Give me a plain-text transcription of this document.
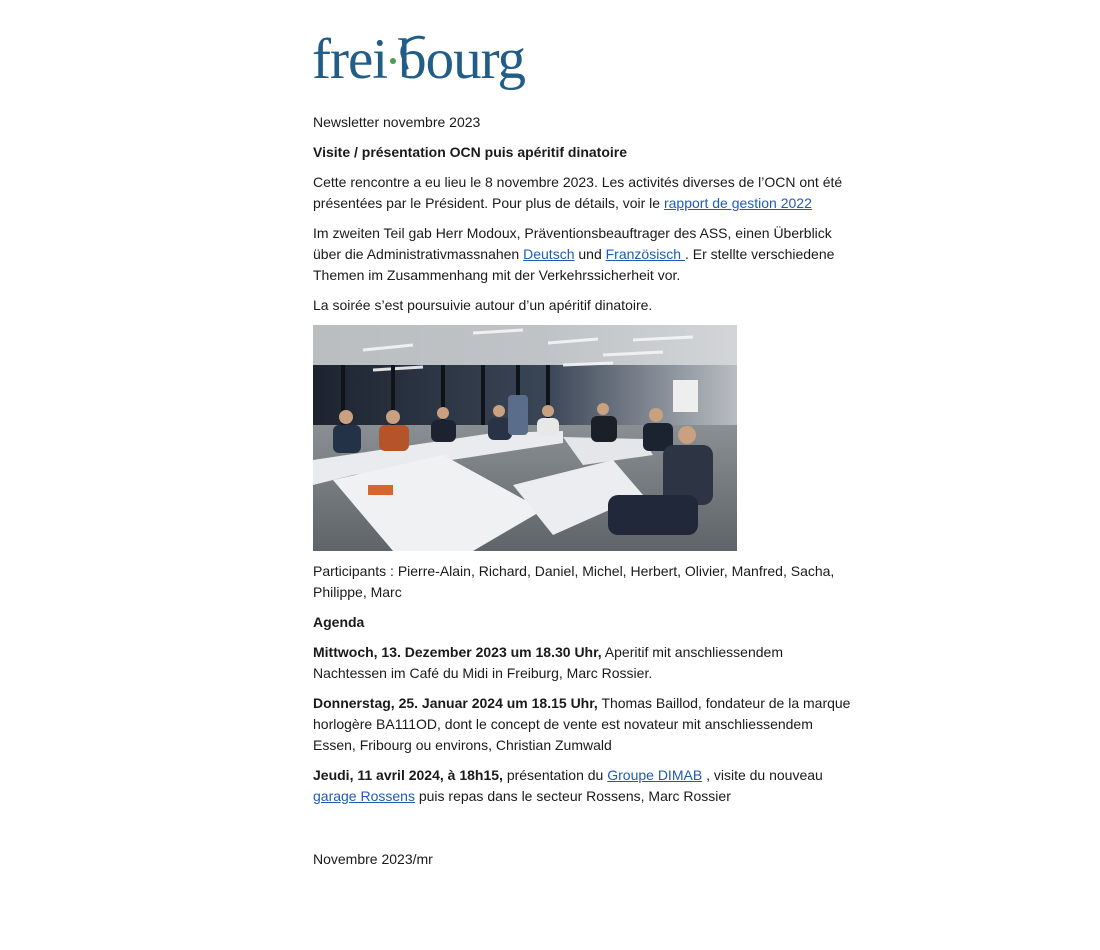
frei bourg

Newsletter novembre 2023

Visite / présentation OCN puis apéritif dinatoire

Cette rencontre a eu lieu le 8 novembre 2023. Les activités diverses de l’OCN ont été présentées par le Président. Pour plus de détails, voir le rapport de gestion 2022

Im zweiten Teil gab Herr Modoux, Präventionsbeauftrager des ASS, einen Überblick über die Administrativmassnahen Deutsch und Französisch . Er stellte verschiedene Themen im Zusammenhang mit der Verkehrssicherheit vor.

La soirée s’est poursuivie autour d’un apéritif dinatoire.

Participants : Pierre-Alain, Richard, Daniel, Michel, Herbert, Olivier, Manfred, Sacha, Philippe, Marc

Agenda

Mittwoch, 13. Dezember 2023 um 18.30 Uhr, Aperitif mit anschliessendem Nachtessen im Café du Midi in Freiburg, Marc Rossier.

Donnerstag, 25. Januar 2024 um 18.15 Uhr, Thomas Baillod, fondateur de la marque horlogère BA111OD, dont le concept de vente est novateur mit anschliessendem Essen, Fribourg ou environs, Christian Zumwald

Jeudi, 11 avril 2024, à 18h15, présentation du Groupe DIMAB , visite du nouveau garage Rossens puis repas dans le secteur Rossens, Marc Rossier

Novembre 2023/mr
